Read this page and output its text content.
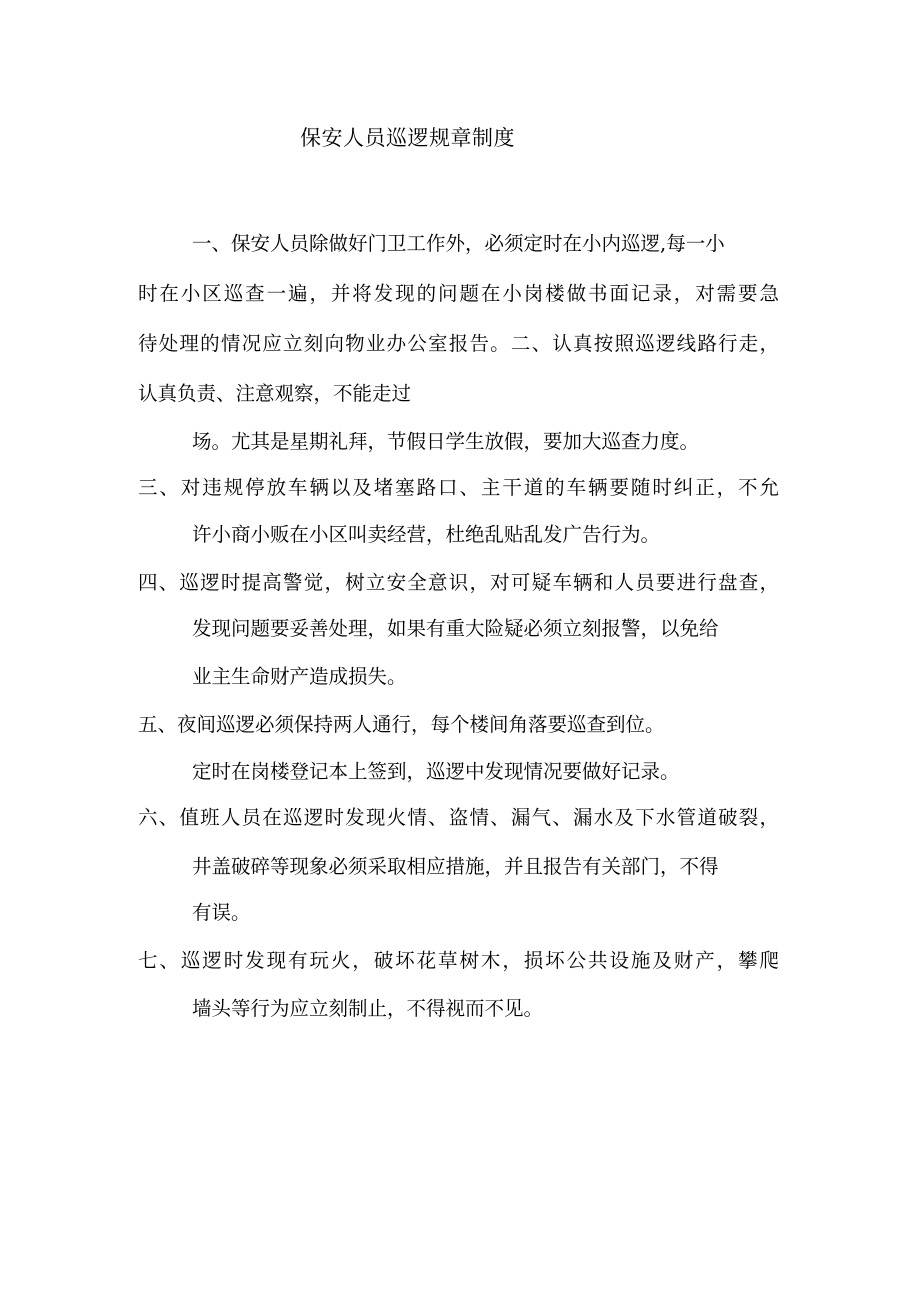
保安人员巡逻规章制度
一、保安人员除做好门卫工作外，必须定时在小内巡逻,每一小
时在小区巡查一遍，并将发现的问题在小岗楼做书面记录，对需要急
待处理的情况应立刻向物业办公室报告。二、认真按照巡逻线路行走，
认真负责、注意观察，不能走过
场。尤其是星期礼拜，节假日学生放假，要加大巡查力度。
三、对违规停放车辆以及堵塞路口、主干道的车辆要随时纠正，不允
许小商小贩在小区叫卖经营，杜绝乱贴乱发广告行为。
四、巡逻时提高警觉，树立安全意识，对可疑车辆和人员要进行盘查，
发现问题要妥善处理，如果有重大险疑必须立刻报警，以免给
业主生命财产造成损失。
五、夜间巡逻必须保持两人通行，每个楼间角落要巡查到位。
定时在岗楼登记本上签到，巡逻中发现情况要做好记录。
六、值班人员在巡逻时发现火情、盗情、漏气、漏水及下水管道破裂，
井盖破碎等现象必须采取相应措施，并且报告有关部门，不得
有误。
七、巡逻时发现有玩火，破坏花草树木，损坏公共设施及财产，攀爬
墙头等行为应立刻制止，不得视而不见。
